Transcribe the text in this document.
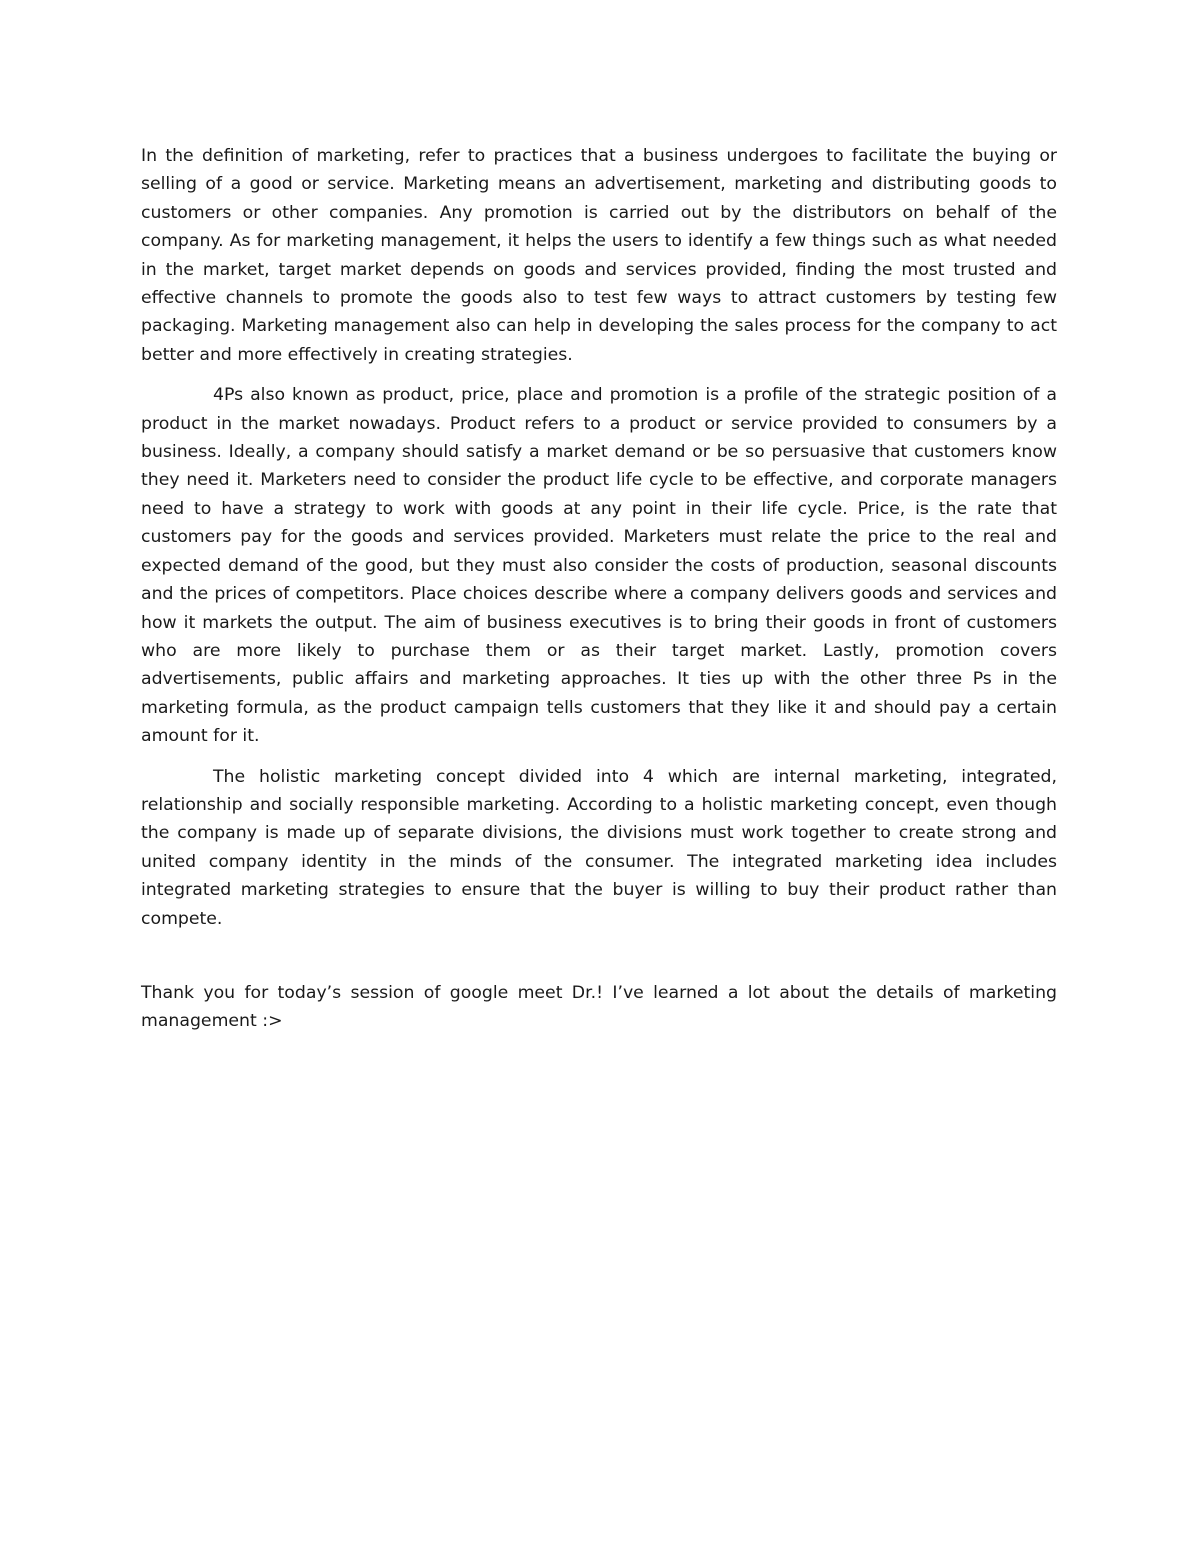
In the definition of marketing, refer to practices that a business undergoes to facilitate the buying or selling of a good or service. Marketing means an advertisement, marketing and distributing goods to customers or other companies. Any promotion is carried out by the distributors on behalf of the company. As for marketing management, it helps the users to identify a few things such as what needed in the market, target market depends on goods and services provided, finding the most trusted and effective channels to promote the goods also to test few ways to attract customers by testing few packaging. Marketing management also can help in developing the sales process for the company to act better and more effectively in creating strategies.

4Ps also known as product, price, place and promotion is a profile of the strategic position of a product in the market nowadays. Product refers to a product or service provided to consumers by a business. Ideally, a company should satisfy a market demand or be so persuasive that customers know they need it. Marketers need to consider the product life cycle to be effective, and corporate managers need to have a strategy to work with goods at any point in their life cycle. Price, is the rate that customers pay for the goods and services provided. Marketers must relate the price to the real and expected demand of the good, but they must also consider the costs of production, seasonal discounts and the prices of competitors. Place choices describe where a company delivers goods and services and how it markets the output. The aim of business executives is to bring their goods in front of customers who are more likely to purchase them or as their target market. Lastly, promotion covers advertisements, public affairs and marketing approaches. It ties up with the other three Ps in the marketing formula, as the product campaign tells customers that they like it and should pay a certain amount for it.

The holistic marketing concept divided into 4 which are internal marketing, integrated, relationship and socially responsible marketing. According to a holistic marketing concept, even though the company is made up of separate divisions, the divisions must work together to create strong and united company identity in the minds of the consumer. The integrated marketing idea includes integrated marketing strategies to ensure that the buyer is willing to buy their product rather than compete.

Thank you for today’s session of google meet Dr.! I’ve learned a lot about the details of marketing management :>
